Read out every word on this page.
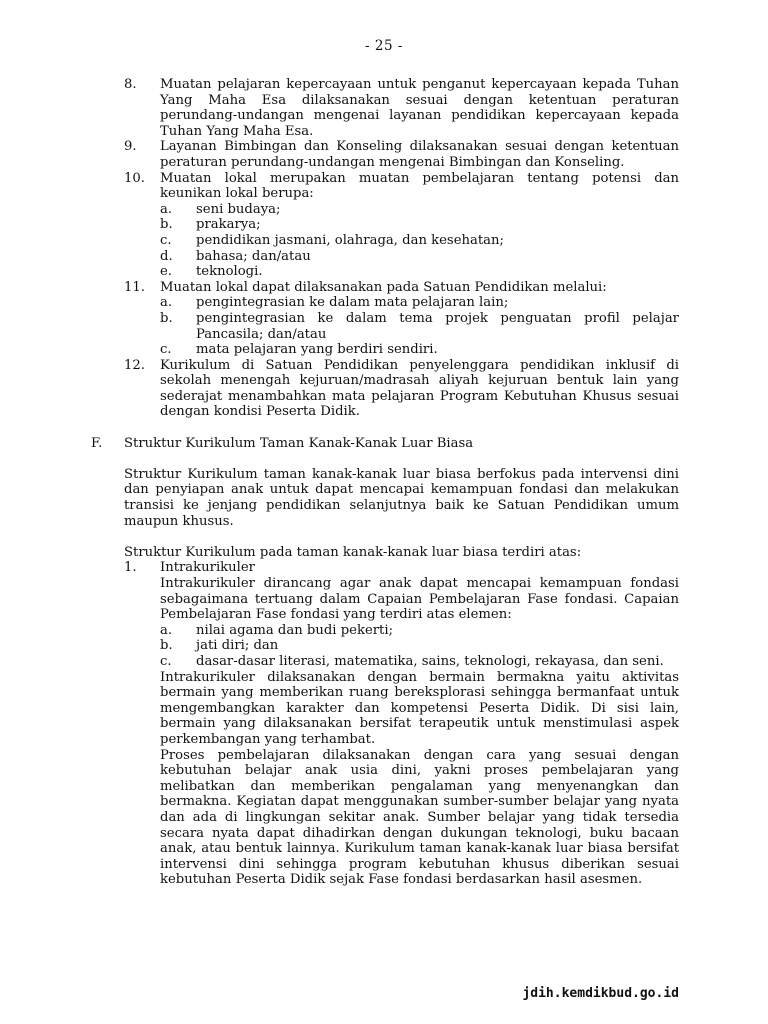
- 25 -
8. Muatan pelajaran kepercayaan untuk penganut kepercayaan kepada Tuhan Yang Maha Esa dilaksanakan sesuai dengan ketentuan peraturan perundang-undangan mengenai layanan pendidikan kepercayaan kepada Tuhan Yang Maha Esa.
9. Layanan Bimbingan dan Konseling dilaksanakan sesuai dengan ketentuan peraturan perundang-undangan mengenai Bimbingan dan Konseling.
10. Muatan lokal merupakan muatan pembelajaran tentang potensi dan keunikan lokal berupa:
a. seni budaya;
b. prakarya;
c. pendidikan jasmani, olahraga, dan kesehatan;
d. bahasa; dan/atau
e. teknologi.
11. Muatan lokal dapat dilaksanakan pada Satuan Pendidikan melalui:
a. pengintegrasian ke dalam mata pelajaran lain;
b. pengintegrasian ke dalam tema projek penguatan profil pelajar Pancasila; dan/atau
c. mata pelajaran yang berdiri sendiri.
12. Kurikulum di Satuan Pendidikan penyelenggara pendidikan inklusif di sekolah menengah kejuruan/madrasah aliyah kejuruan bentuk lain yang sederajat menambahkan mata pelajaran Program Kebutuhan Khusus sesuai dengan kondisi Peserta Didik.
F. Struktur Kurikulum Taman Kanak-Kanak Luar Biasa
Struktur Kurikulum taman kanak-kanak luar biasa berfokus pada intervensi dini dan penyiapan anak untuk dapat mencapai kemampuan fondasi dan melakukan transisi ke jenjang pendidikan selanjutnya baik ke Satuan Pendidikan umum maupun khusus.
Struktur Kurikulum pada taman kanak-kanak luar biasa terdiri atas:
1. Intrakurikuler
Intrakurikuler dirancang agar anak dapat mencapai kemampuan fondasi sebagaimana tertuang dalam Capaian Pembelajaran Fase fondasi. Capaian Pembelajaran Fase fondasi yang terdiri atas elemen:
a. nilai agama dan budi pekerti;
b. jati diri; dan
c. dasar-dasar literasi, matematika, sains, teknologi, rekayasa, dan seni.
Intrakurikuler dilaksanakan dengan bermain bermakna yaitu aktivitas bermain yang memberikan ruang bereksplorasi sehingga bermanfaat untuk mengembangkan karakter dan kompetensi Peserta Didik. Di sisi lain, bermain yang dilaksanakan bersifat terapeutik untuk menstimulasi aspek perkembangan yang terhambat.
Proses pembelajaran dilaksanakan dengan cara yang sesuai dengan kebutuhan belajar anak usia dini, yakni proses pembelajaran yang melibatkan dan memberikan pengalaman yang menyenangkan dan bermakna. Kegiatan dapat menggunakan sumber-sumber belajar yang nyata dan ada di lingkungan sekitar anak. Sumber belajar yang tidak tersedia secara nyata dapat dihadirkan dengan dukungan teknologi, buku bacaan anak, atau bentuk lainnya. Kurikulum taman kanak-kanak luar biasa bersifat intervensi dini sehingga program kebutuhan khusus diberikan sesuai kebutuhan Peserta Didik sejak Fase fondasi berdasarkan hasil asesmen.
jdih.kemdikbud.go.id
